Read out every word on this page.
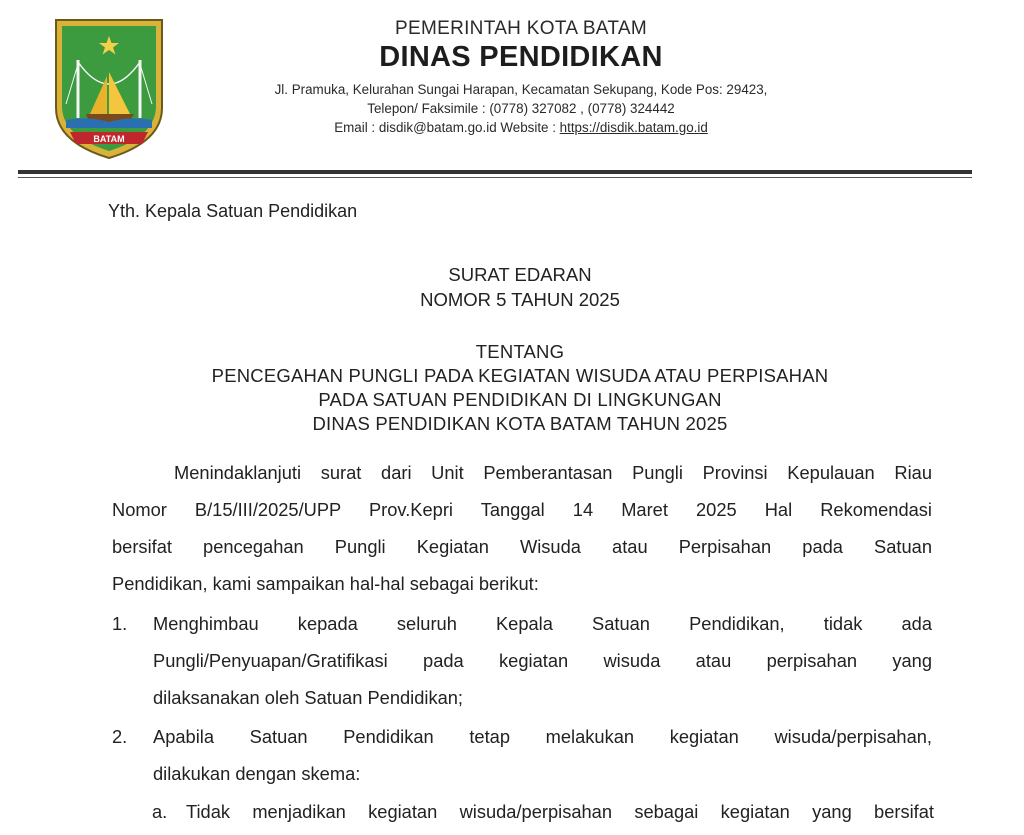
BATAM
PEMERINTAH KOTA BATAM
DINAS PENDIDIKAN
Jl. Pramuka, Kelurahan Sungai Harapan, Kecamatan Sekupang, Kode Pos: 29423,
Telepon/ Faksimile : (0778) 327082 , (0778) 324442
Email : disdik@batam.go.id Website : https://disdik.batam.go.id
Yth. Kepala Satuan Pendidikan
SURAT EDARAN
NOMOR 5 TAHUN 2025
TENTANG
PENCEGAHAN PUNGLI PADA KEGIATAN WISUDA ATAU PERPISAHAN
PADA SATUAN PENDIDIKAN DI LINGKUNGAN
DINAS PENDIDIKAN KOTA BATAM TAHUN 2025
Menindaklanjuti surat dari Unit Pemberantasan Pungli Provinsi Kepulauan Riau
Nomor B/15/III/2025/UPP Prov.Kepri Tanggal 14 Maret 2025 Hal Rekomendasi
bersifat pencegahan Pungli Kegiatan Wisuda atau Perpisahan pada Satuan
Pendidikan, kami sampaikan hal-hal sebagai berikut:
1.	Menghimbau kepada seluruh Kepala Satuan Pendidikan, tidak ada
Pungli/Penyuapan/Gratifikasi pada kegiatan wisuda atau perpisahan yang
dilaksanakan oleh Satuan Pendidikan;
2.	Apabila Satuan Pendidikan tetap melakukan kegiatan wisuda/perpisahan,
dilakukan dengan skema:
a.	Tidak menjadikan kegiatan wisuda/perpisahan sebagai kegiatan yang bersifat
